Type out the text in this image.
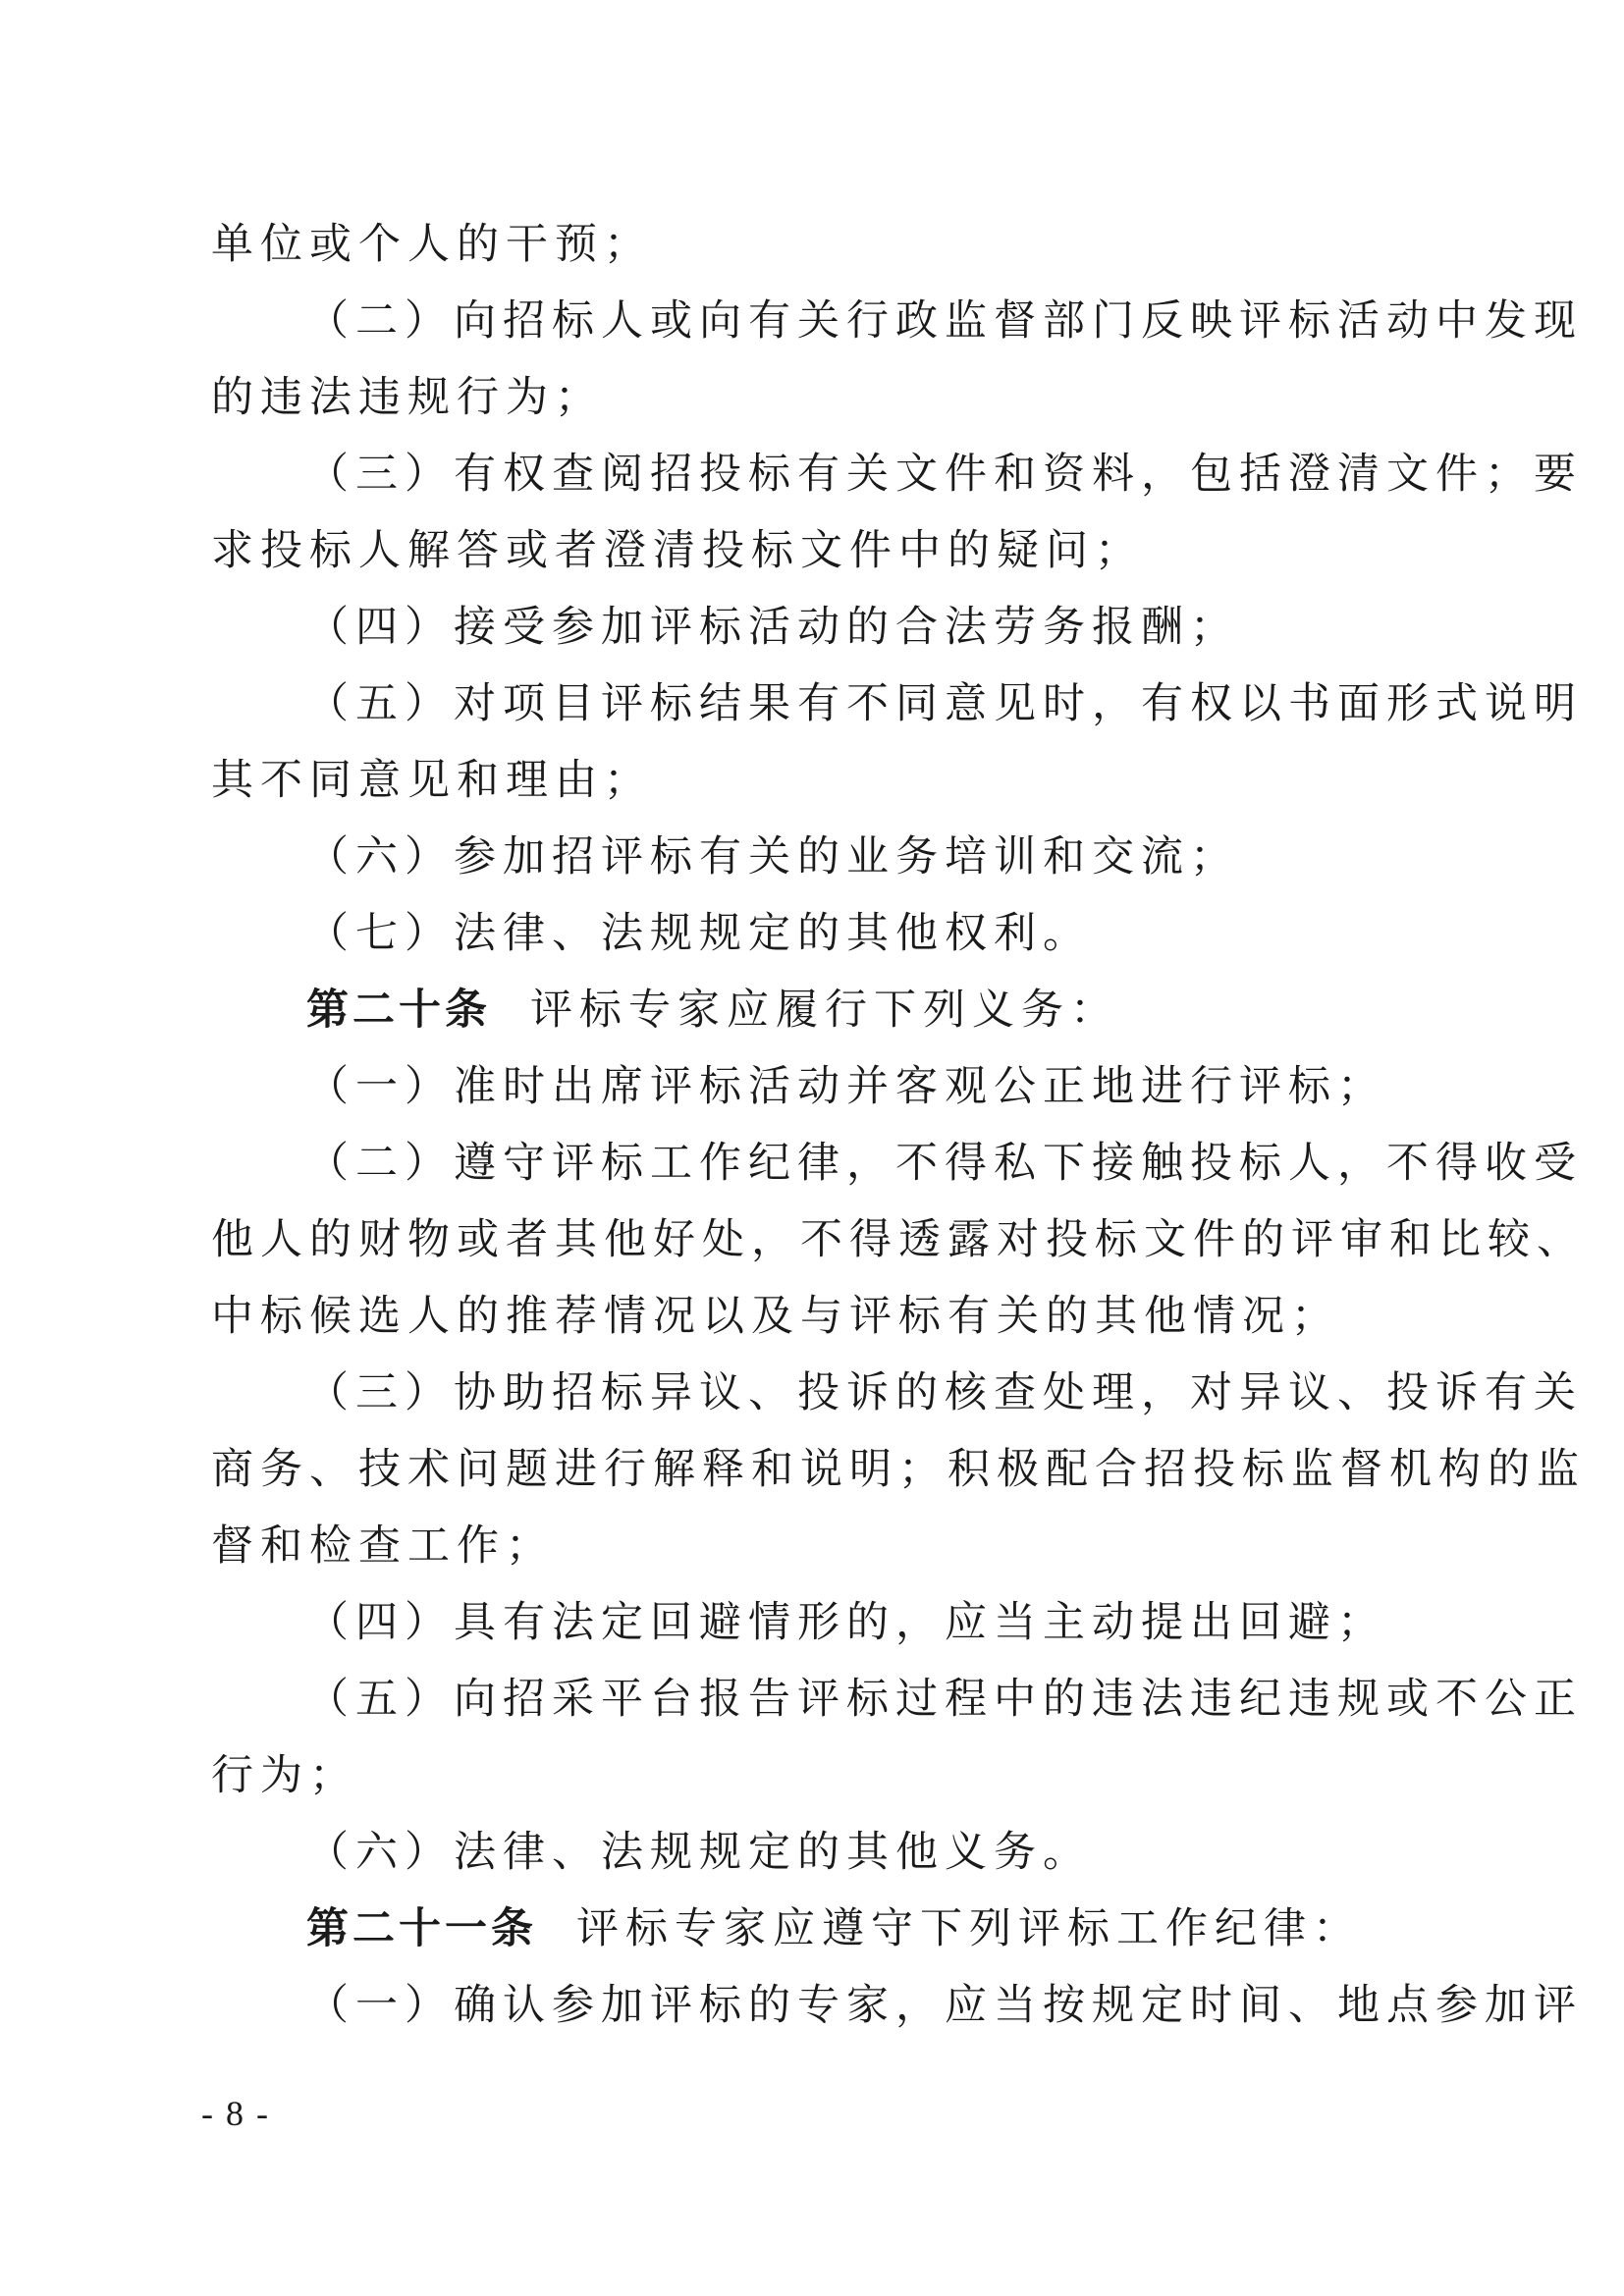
单位或个人的干预；
（二）向招标人或向有关行政监督部门反映评标活动中发现
的违法违规行为；
（三）有权查阅招投标有关文件和资料，包括澄清文件；要
求投标人解答或者澄清投标文件中的疑问；
（四）接受参加评标活动的合法劳务报酬；
（五）对项目评标结果有不同意见时，有权以书面形式说明
其不同意见和理由；
（六）参加招评标有关的业务培训和交流；
（七）法律、法规规定的其他权利。
第二十条 评标专家应履行下列义务：
（一）准时出席评标活动并客观公正地进行评标；
（二）遵守评标工作纪律，不得私下接触投标人，不得收受
他人的财物或者其他好处，不得透露对投标文件的评审和比较、
中标候选人的推荐情况以及与评标有关的其他情况；
（三）协助招标异议、投诉的核查处理，对异议、投诉有关
商务、技术问题进行解释和说明；积极配合招投标监督机构的监
督和检查工作；
（四）具有法定回避情形的，应当主动提出回避；
（五）向招采平台报告评标过程中的违法违纪违规或不公正
行为；
（六）法律、法规规定的其他义务。
第二十一条 评标专家应遵守下列评标工作纪律：
（一）确认参加评标的专家，应当按规定时间、地点参加评
- 8 -
